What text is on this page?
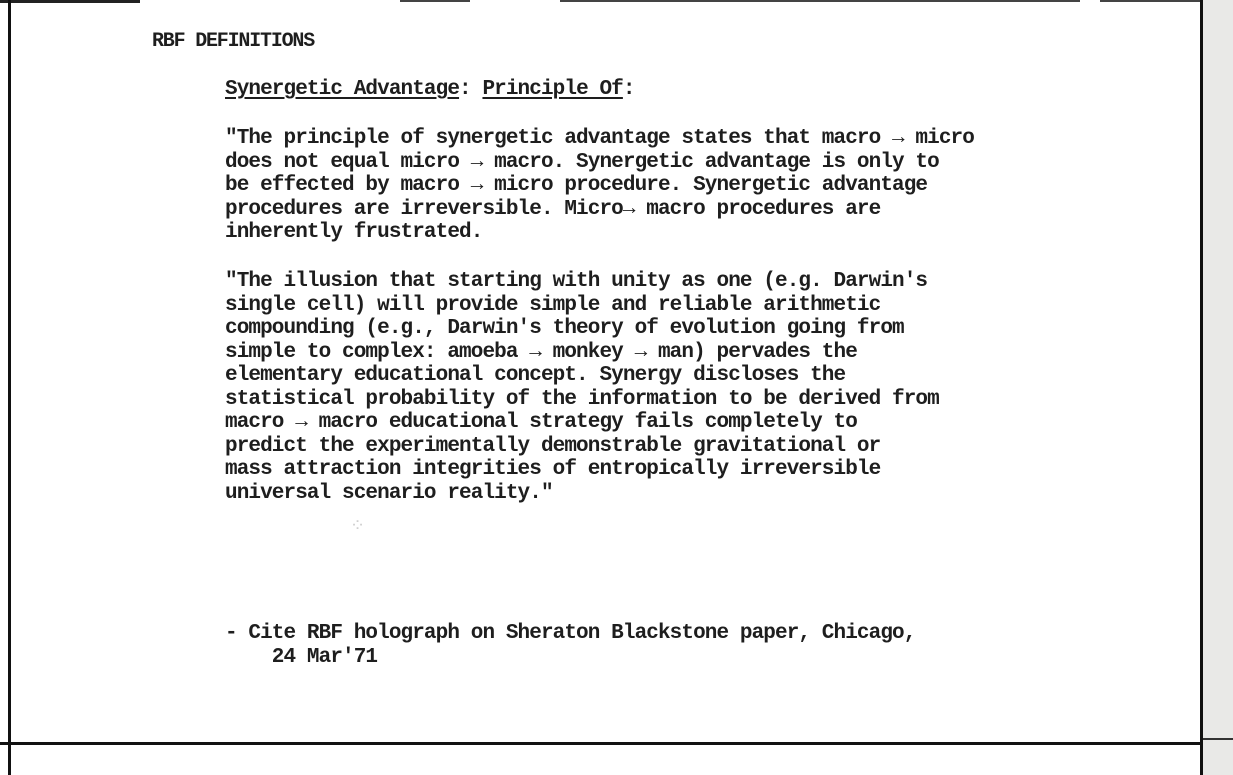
RBF DEFINITIONS
Synergetic Advantage: Principle Of:
"The principle of synergetic advantage states that macro → micro
does not equal micro → macro. Synergetic advantage is only to
be effected by macro → micro procedure. Synergetic advantage
procedures are irreversible. Micro→ macro procedures are
inherently frustrated.
"The illusion that starting with unity as one (e.g. Darwin's
single cell) will provide simple and reliable arithmetic
compounding (e.g., Darwin's theory of evolution going from
simple to complex: amoeba → monkey → man) pervades the
elementary educational concept. Synergy discloses the
statistical probability of the information to be derived from
macro → macro educational strategy fails completely to
predict the experimentally demonstrable gravitational or
mass attraction integrities of entropically irreversible
universal scenario reality."
⁘
- Cite RBF holograph on Sheraton Blackstone paper, Chicago,
24 Mar'71
